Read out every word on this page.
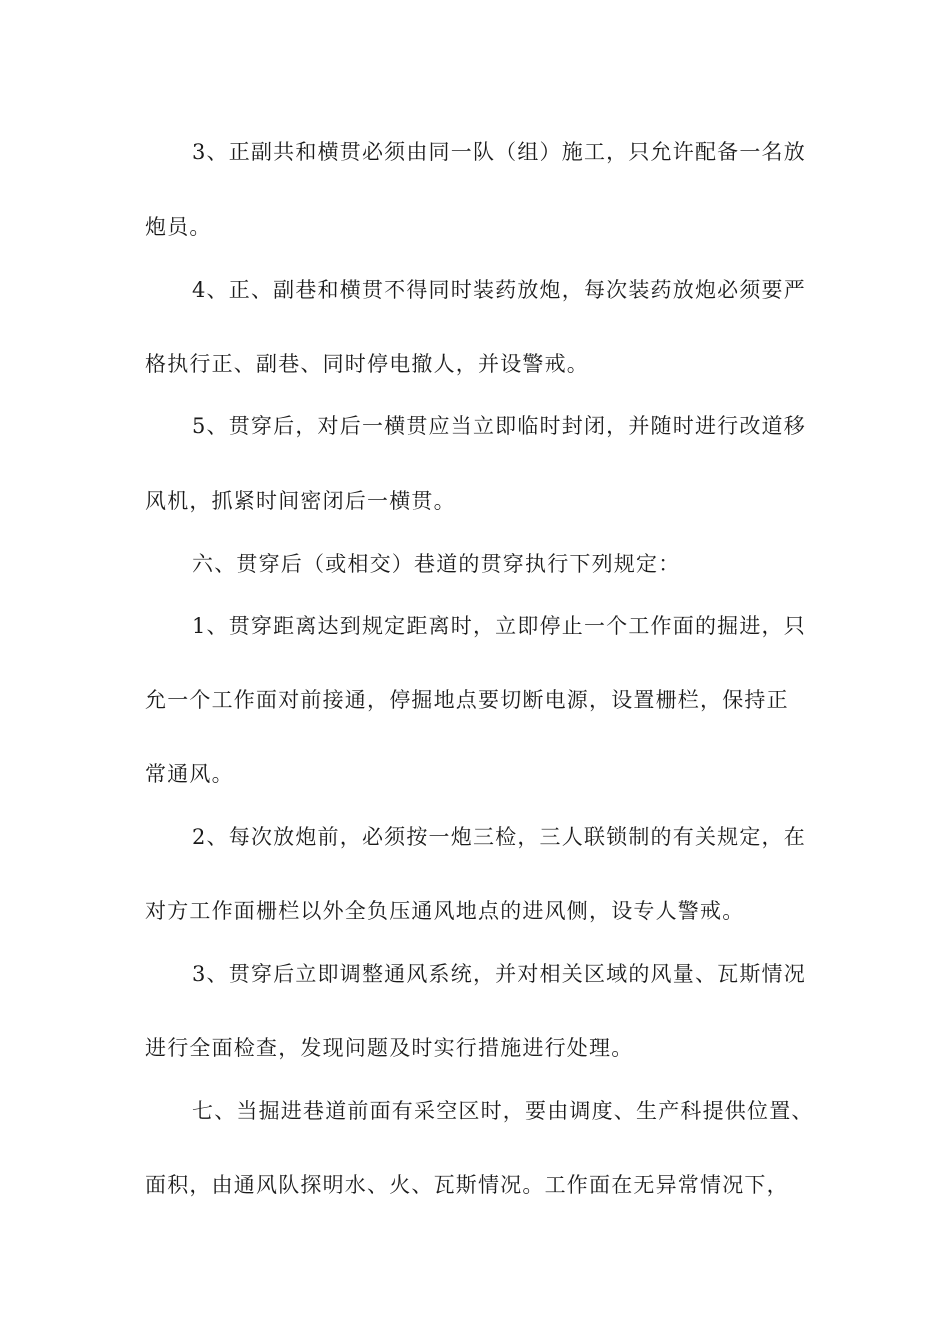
3、正副共和横贯必须由同一队（组）施工，只允许配备一名放
炮员。
4、正、副巷和横贯不得同时装药放炮，每次装药放炮必须要严
格执行正、副巷、同时停电撤人，并设警戒。
5、贯穿后，对后一横贯应当立即临时封闭，并随时进行改道移
风机，抓紧时间密闭后一横贯。
六、贯穿后（或相交）巷道的贯穿执行下列规定：
1、贯穿距离达到规定距离时，立即停止一个工作面的掘进，只
允一个工作面对前接通，停掘地点要切断电源，设置栅栏，保持正
常通风。
2、每次放炮前，必须按一炮三检，三人联锁制的有关规定，在
对方工作面栅栏以外全负压通风地点的进风侧，设专人警戒。
3、贯穿后立即调整通风系统，并对相关区域的风量、瓦斯情况
进行全面检查，发现问题及时实行措施进行处理。
七、当掘进巷道前面有采空区时，要由调度、生产科提供位置、
面积，由通风队探明水、火、瓦斯情况。工作面在无异常情况下，
